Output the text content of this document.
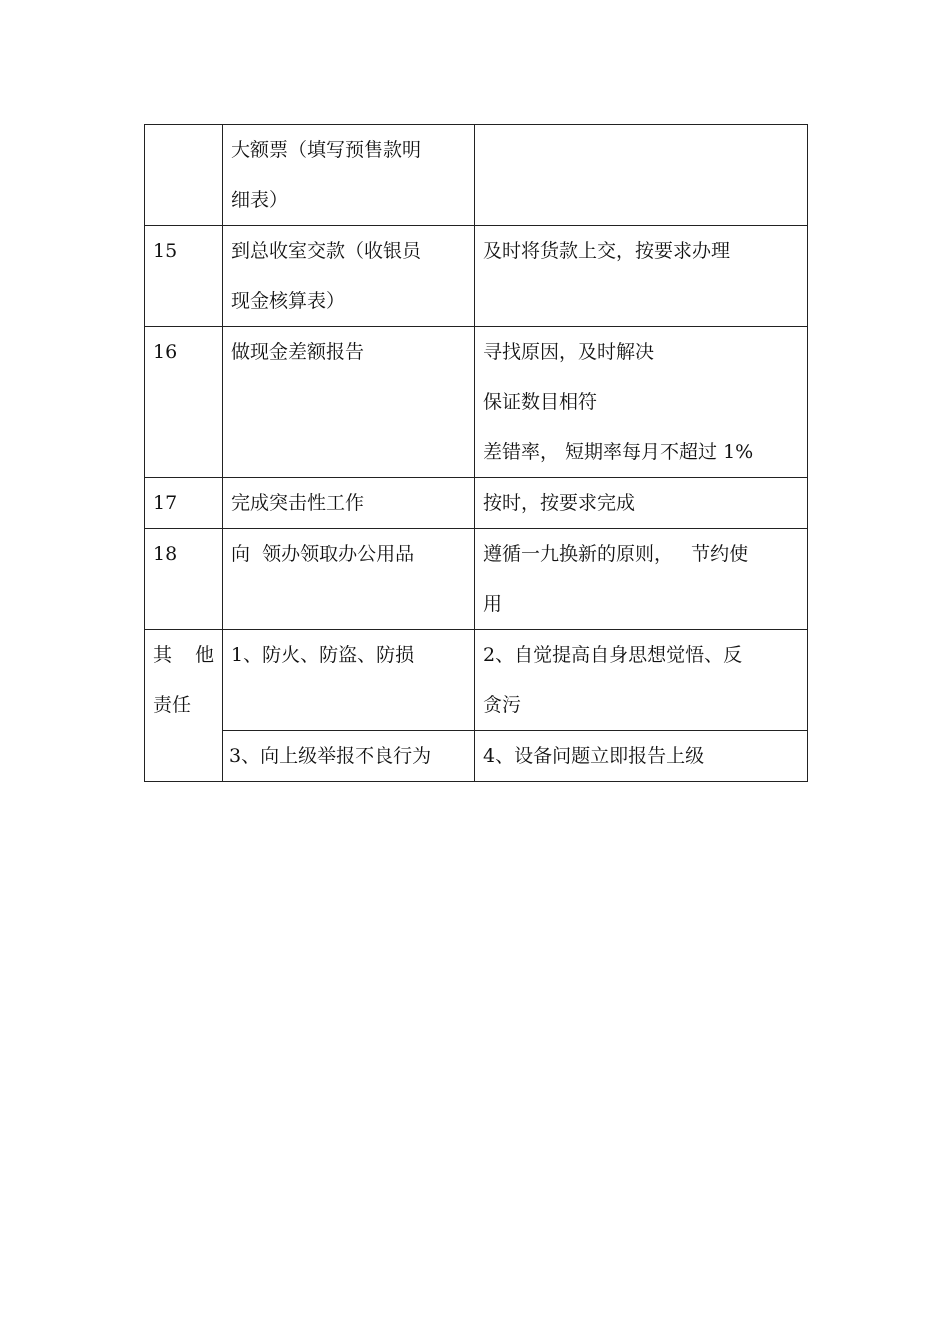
	大额票（填写预售款明
细表）	

15	到总收室交款（收银员
现金核算表）	及时将货款上交，按要求办理

16	做现金差额报告	寻找原因，及时解决
保证数目相符
差错率， 短期率每月不超过 1%

17	完成突击性工作	按时，按要求完成

18	向  领办领取办公用品	遵循一九换新的原则，   节约使
用

其 他
责任	1、防火、防盗、防损	2、自觉提高自身思想觉悟、反
贪污

	3、向上级举报不良行为	4、设备问题立即报告上级
